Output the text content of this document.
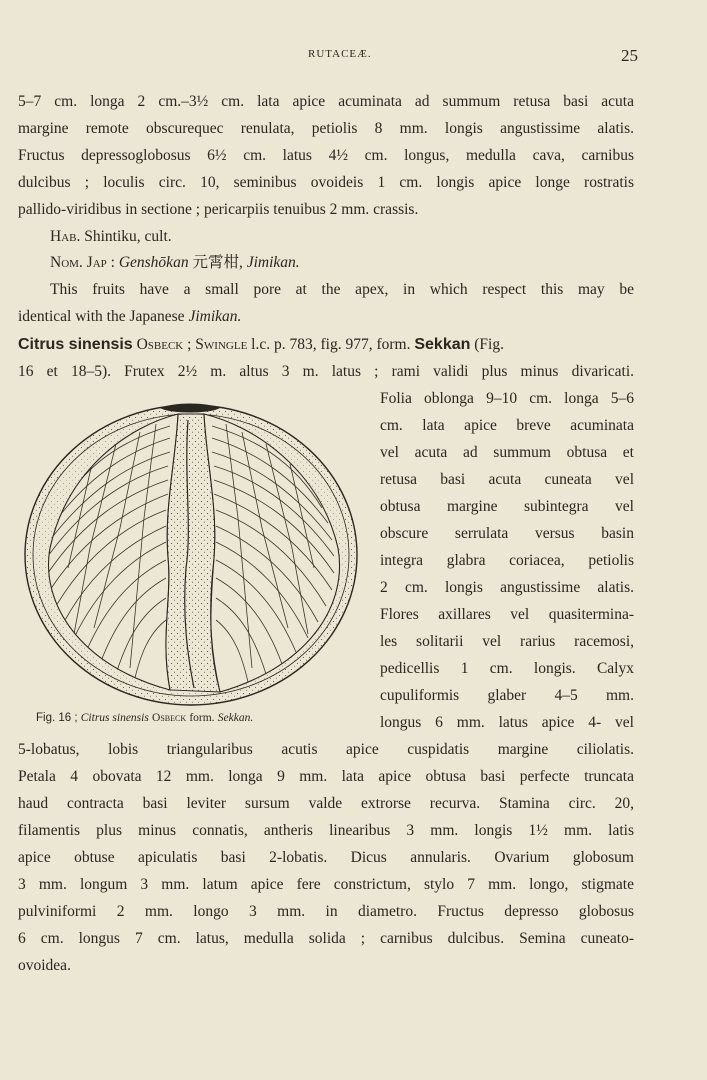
RUTACEÆ.	25
5–7 cm. longa 2 cm.–3½ cm. lata apice acuminata ad summum retusa basi acuta
margine remote obscurequec renulata, petiolis 8 mm. longis angustissime alatis.
Fructus depressoglobosus 6½ cm. latus 4½ cm. longus, medulla cava, carnibus
dulcibus ; loculis circ. 10, seminibus ovoideis 1 cm. longis apice longe rostratis
pallido-viridibus in sectione ; pericarpiis tenuibus 2 mm. crassis.
Hab. Shintiku, cult.
Nom. Jap : Genshōkan 元霄柑, Jimikan.
This fruits have a small pore at the apex, in which respect this may be
identical with the Japanese Jimikan.
Citrus sinensis Osbeck ; Swingle l.c. p. 783, fig. 977, form. Sekkan (Fig.
16 et 18–5). Frutex 2½ m. altus 3 m. latus ; rami validi plus minus divaricati.
Folia oblonga 9–10 cm. longa 5–6
cm. lata apice breve acuminata
vel acuta ad summum obtusa et
retusa basi acuta cuneata vel
obtusa margine subintegra vel
obscure serrulata versus basin
integra glabra coriacea, petiolis
2 cm. longis angustissime alatis.
Flores axillares vel quasitermina-
les solitarii vel rarius racemosi,
pedicellis 1 cm. longis. Calyx
cupuliformis glaber 4–5 mm.
longus 6 mm. latus apice 4- vel
Fig. 16 ; Citrus sinensis Osbeck form. Sekkan.
5-lobatus, lobis triangularibus acutis apice cuspidatis margine ciliolatis.
Petala 4 obovata 12 mm. longa 9 mm. lata apice obtusa basi perfecte truncata
haud contracta basi leviter sursum valde extrorse recurva. Stamina circ. 20,
filamentis plus minus connatis, antheris linearibus 3 mm. longis 1½ mm. latis
apice obtuse apiculatis basi 2-lobatis. Dicus annularis. Ovarium globosum
3 mm. longum 3 mm. latum apice fere constrictum, stylo 7 mm. longo, stigmate
pulviniformi 2 mm. longo 3 mm. in diametro. Fructus depresso globosus
6 cm. longus 7 cm. latus, medulla solida ; carnibus dulcibus. Semina cuneato-
ovoidea.
